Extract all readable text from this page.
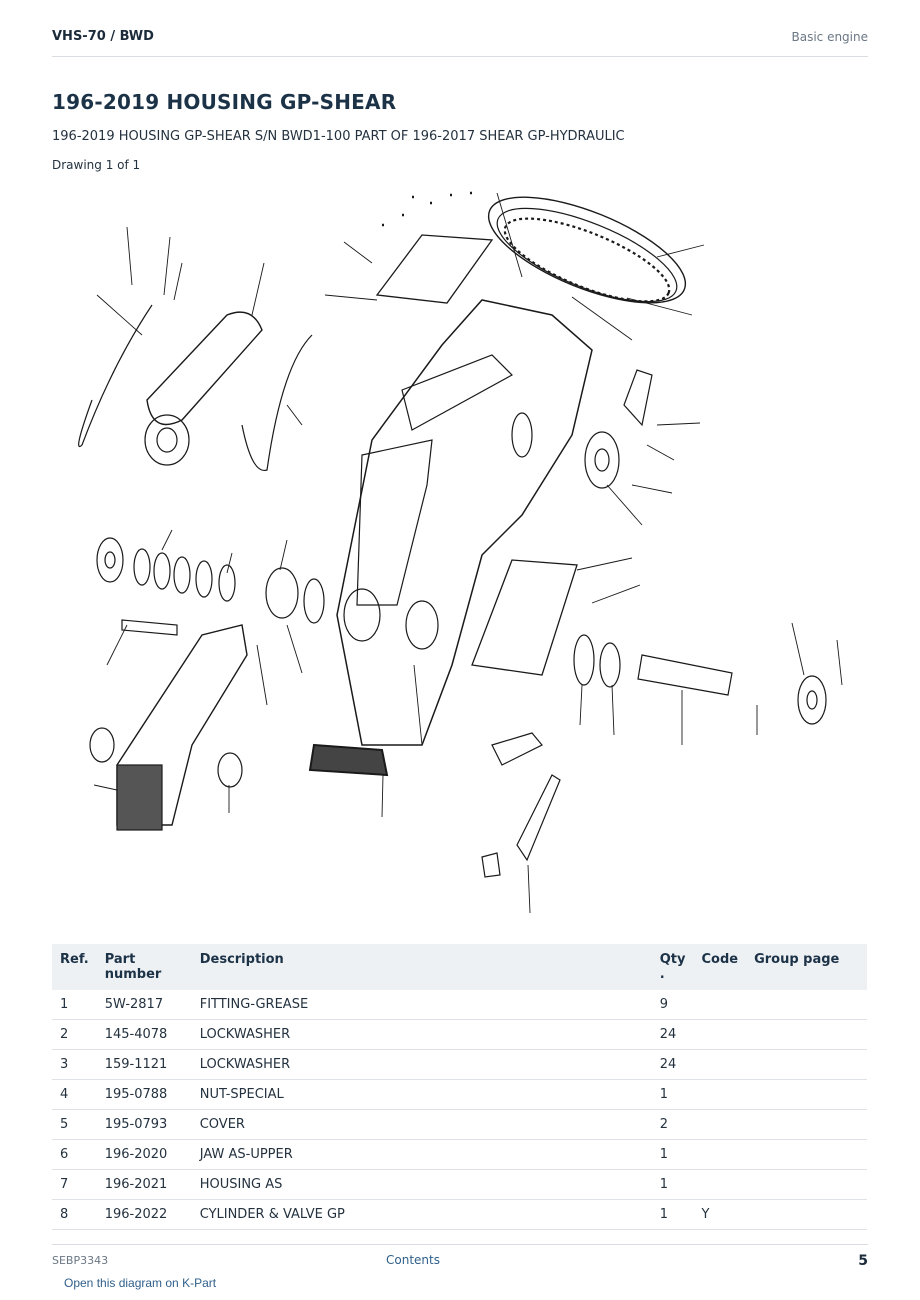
VHS-70 / BWD	Basic engine
196-2019 HOUSING GP-SHEAR
196-2019 HOUSING GP-SHEAR S/N BWD1-100 PART OF 196-2017 SHEAR GP-HYDRAULIC
Drawing 1 of 1
Ref.	Part number	Description	Qty .	Code	Group page
1	5W-2817	FITTING-GREASE	9		
2	145-4078	LOCKWASHER	24		
3	159-1121	LOCKWASHER	24		
4	195-0788	NUT-SPECIAL	1		
5	195-0793	COVER	2		
6	196-2020	JAW AS-UPPER	1		
7	196-2021	HOUSING AS	1		
8	196-2022	CYLINDER & VALVE GP	1	Y	
SEBP3343	Contents	5
Open this diagram on K-Part
